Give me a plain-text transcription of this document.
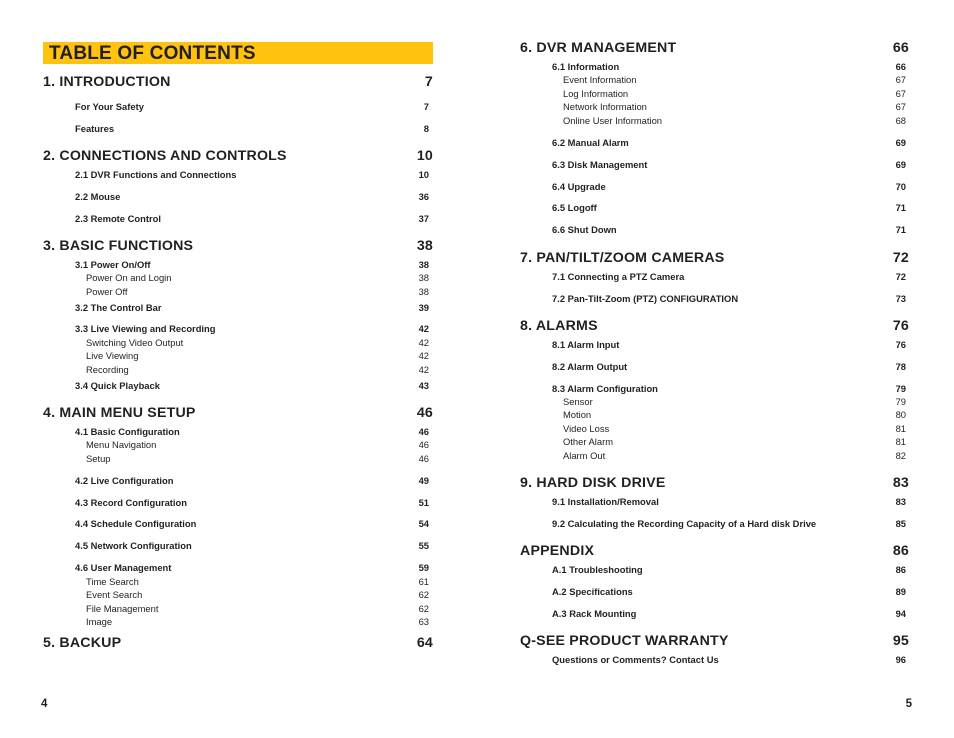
TABLE OF CONTENTS
1. INTRODUCTION	7
For Your Safety	7
Features	8
2. CONNECTIONS AND CONTROLS	10
2.1 DVR Functions and Connections	10
2.2 Mouse	36
2.3 Remote Control	37
3. BASIC FUNCTIONS	38
3.1 Power On/Off	38
Power On and Login	38
Power Off	38
3.2 The Control Bar	39
3.3 Live Viewing and Recording	42
Switching Video Output	42
Live Viewing	42
Recording	42
3.4 Quick Playback	43
4. MAIN MENU SETUP	46
4.1 Basic Configuration	46
Menu Navigation	46
Setup	46
4.2 Live Configuration	49
4.3 Record Configuration	51
4.4 Schedule Configuration	54
4.5 Network Configuration	55
4.6 User Management	59
Time Search	61
Event Search	62
File Management	62
Image	63
5. BACKUP	64
6. DVR MANAGEMENT	66
6.1 Information	66
Event Information	67
Log Information	67
Network Information	67
Online User Information	68
6.2 Manual Alarm	69
6.3 Disk Management	69
6.4 Upgrade	70
6.5 Logoff	71
6.6 Shut Down	71
7. PAN/TILT/ZOOM CAMERAS	72
7.1 Connecting a PTZ Camera	72
7.2 Pan-Tilt-Zoom (PTZ) CONFIGURATION	73
8. ALARMS	76
8.1 Alarm Input	76
8.2 Alarm Output	78
8.3 Alarm Configuration	79
Sensor	79
Motion	80
Video Loss	81
Other Alarm	81
Alarm Out	82
9. HARD DISK DRIVE	83
9.1 Installation/Removal	83
9.2 Calculating the Recording Capacity of a Hard disk Drive	85
APPENDIX	86
A.1 Troubleshooting	86
A.2 Specifications	89
A.3 Rack Mounting	94
Q-SEE PRODUCT WARRANTY	95
Questions or Comments? Contact Us	96
4	5
